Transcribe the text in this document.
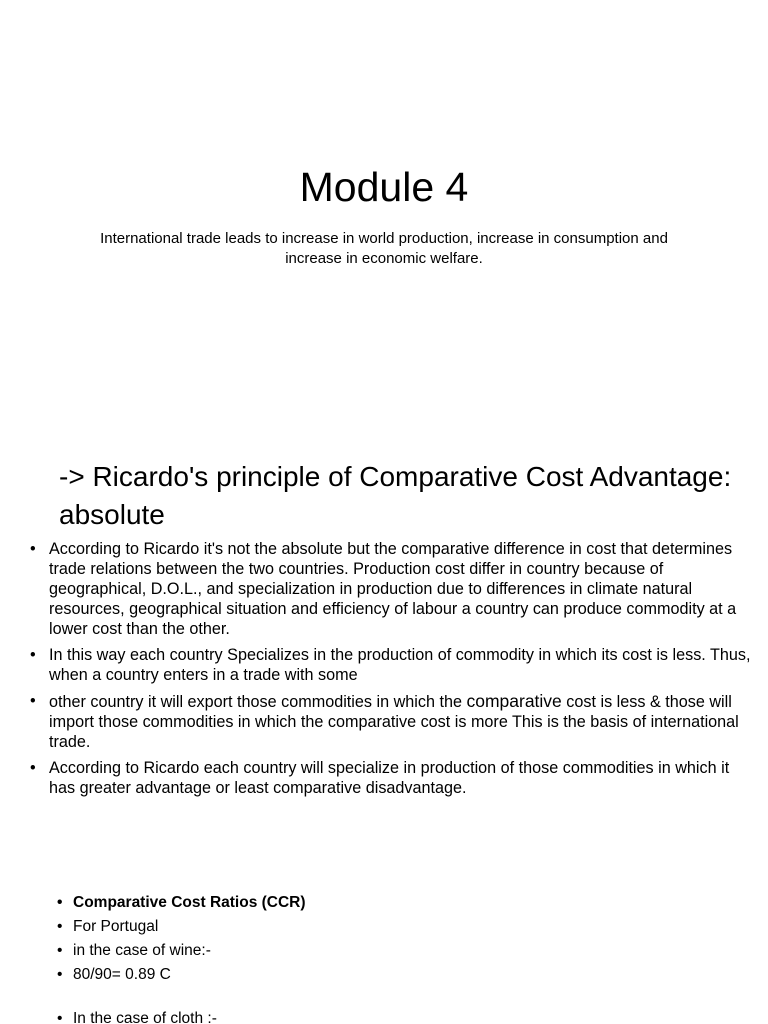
Module 4

International trade leads to increase in world production, increase in consumption and increase in economic welfare.

-> Ricardo's principle of Comparative Cost Advantage: absolute
• According to Ricardo it's not the absolute but the comparative difference in cost that determines trade relations between the two countries. Production cost differ in country because of geographical, D.O.L., and specialization in production due to differences in climate natural resources, geographical situation and efficiency of labour a country can produce commodity at a lower cost than the other.
• In this way each country Specializes in the production of commodity in which its cost is less. Thus, when a country enters in a trade with some
• other country it will export those commodities in which the comparative cost is less & those will import those commodities in which the comparative cost is more This is the basis of international trade.
• According to Ricardo each country will specialize in production of those commodities in which it has greater advantage or least comparative disadvantage.
• Comparative Cost Ratios (CCR)
• For Portugal
• in the case of wine:-
• 80/90= 0.89 C
• In the case of cloth :-
